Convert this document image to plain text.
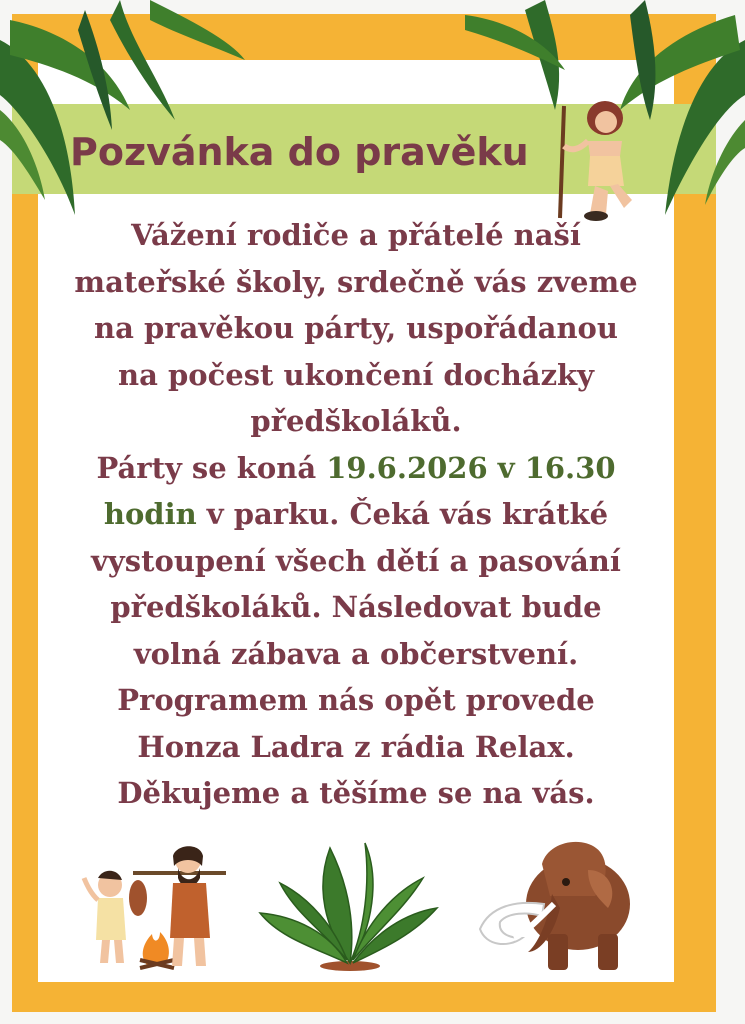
Pozvánka do pravěku
Vážení rodiče a přátelé naší
mateřské školy, srdečně vás zveme
na pravěkou párty, uspořádanou
na počest ukončení docházky
předškoláků.
Párty se koná 19.6.2026 v 16.30
hodin v parku. Čeká vás krátké
vystoupení všech dětí a pasování
předškoláků. Následovat bude
volná zábava a občerstvení.
Programem nás opět provede
Honza Ladra z rádia Relax.
Děkujeme a těšíme se na vás.
